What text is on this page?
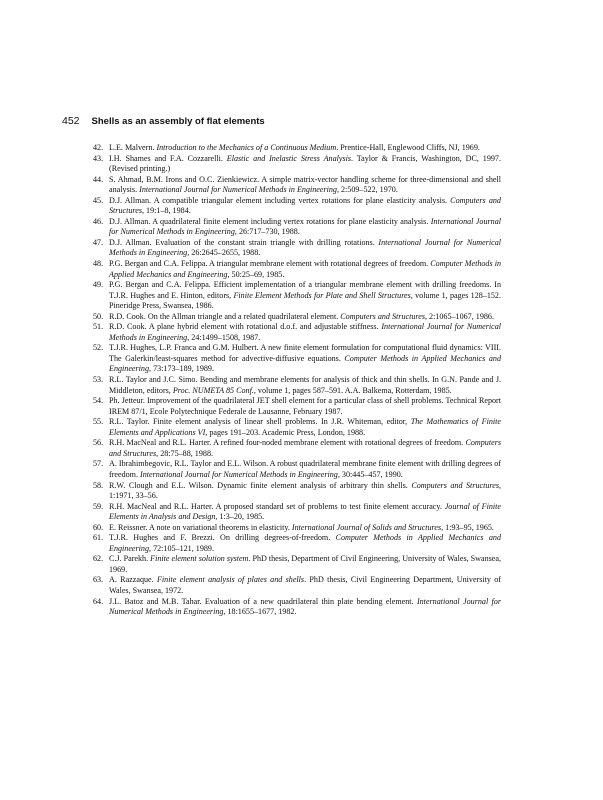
452 Shells as an assembly of flat elements
42. L.E. Malvern. Introduction to the Mechanics of a Continuous Medium. Prentice-Hall, Englewood Cliffs, NJ, 1969.
43. I.H. Shames and F.A. Cozzarelli. Elastic and Inelastic Stress Analysis. Taylor & Francis, Washington, DC, 1997. (Revised printing.)
44. S. Ahmad, B.M. Irons and O.C. Zienkiewicz. A simple matrix-vector handling scheme for three-dimensional and shell analysis. International Journal for Numerical Methods in Engineering, 2:509–522, 1970.
45. D.J. Allman. A compatible triangular element including vertex rotations for plane elasticity analysis. Computers and Structures, 19:1–8, 1984.
46. D.J. Allman. A quadrilateral finite element including vertex rotations for plane elasticity analysis. International Journal for Numerical Methods in Engineering, 26:717–730, 1988.
47. D.J. Allman. Evaluation of the constant strain triangle with drilling rotations. International Journal for Numerical Methods in Engineering, 26:2645–2655, 1988.
48. P.G. Bergan and C.A. Felippa. A triangular membrane element with rotational degrees of freedom. Computer Methods in Applied Mechanics and Engineering, 50:25–69, 1985.
49. P.G. Bergan and C.A. Felippa. Efficient implementation of a triangular membrane element with drilling freedoms. In T.J.R. Hughes and E. Hinton, editors, Finite Element Methods for Plate and Shell Structures, volume 1, pages 128–152. Pineridge Press, Swansea, 1986.
50. R.D. Cook. On the Allman triangle and a related quadrilateral element. Computers and Structures, 2:1065–1067, 1986.
51. R.D. Cook. A plane hybrid element with rotational d.o.f. and adjustable stiffness. International Journal for Numerical Methods in Engineering, 24:1499–1508, 1987.
52. T.J.R. Hughes, L.P. Franca and G.M. Hulbert. A new finite element formulation for computational fluid dynamics: VIII. The Galerkin/least-squares method for advective-diffusive equations. Computer Methods in Applied Mechanics and Engineering, 73:173–189, 1989.
53. R.L. Taylor and J.C. Simo. Bending and membrane elements for analysis of thick and thin shells. In G.N. Pande and J. Middleton, editors, Proc. NUMETA 85 Conf., volume 1, pages 587–591. A.A. Balkema, Rotterdam, 1985.
54. Ph. Jetteur. Improvement of the quadrilateral JET shell element for a particular class of shell problems. Technical Report IREM 87/1, Ecole Polytechnique Federale de Lausanne, February 1987.
55. R.L. Taylor. Finite element analysis of linear shell problems. In J.R. Whiteman, editor, The Mathematics of Finite Elements and Applications VI, pages 191–203. Academic Press, London, 1988.
56. R.H. MacNeal and R.L. Harter. A refined four-noded membrane element with rotational degrees of freedom. Computers and Structures, 28:75–88, 1988.
57. A. Ibrahimbegovic, R.L. Taylor and E.L. Wilson. A robust quadrilateral membrane finite element with drilling degrees of freedom. International Journal for Numerical Methods in Engineering, 30:445–457, 1990.
58. R.W. Clough and E.L. Wilson. Dynamic finite element analysis of arbitrary thin shells. Computers and Structures, 1:1971, 33–56.
59. R.H. MacNeal and R.L. Harter. A proposed standard set of problems to test finite element accuracy. Journal of Finite Elements in Analysis and Design, 1:3–20, 1985.
60. E. Reissner. A note on variational theorems in elasticity. International Journal of Solids and Structures, 1:93–95, 1965.
61. T.J.R. Hughes and F. Brezzi. On drilling degrees-of-freedom. Computer Methods in Applied Mechanics and Engineering, 72:105–121, 1989.
62. C.J. Parekh. Finite element solution system. PhD thesis, Department of Civil Engineering, University of Wales, Swansea, 1969.
63. A. Razzaque. Finite element analysis of plates and shells. PhD thesis, Civil Engineering Department, University of Wales, Swansea, 1972.
64. J.L. Batoz and M.B. Tahar. Evaluation of a new quadrilateral thin plate bending element. International Journal for Numerical Methods in Engineering, 18:1655–1677, 1982.
